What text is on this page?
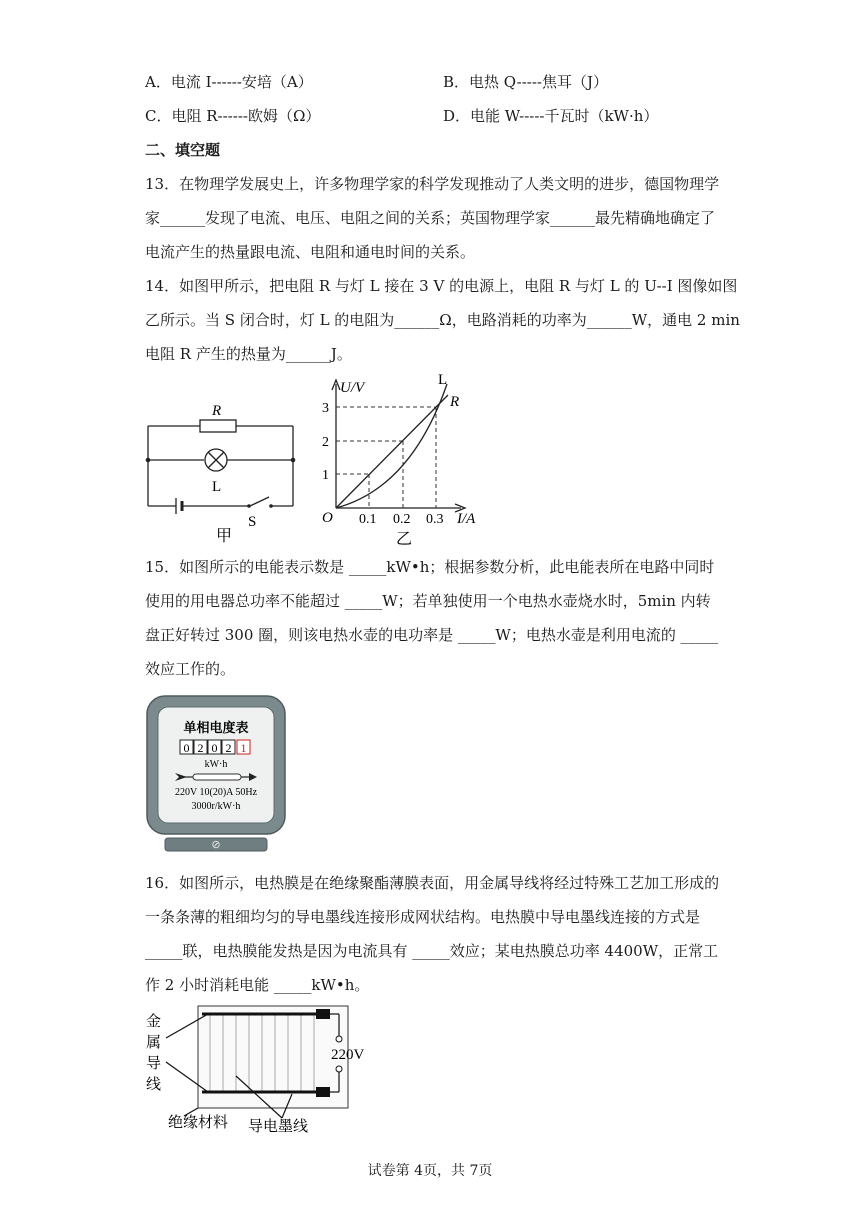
A．电流 I------安培（A）	B．电热 Q-----焦耳（J）
C．电阻 R------欧姆（Ω）	D．电能 W-----千瓦时（kW·h）
二、填空题
13．在物理学发展史上，许多物理学家的科学发现推动了人类文明的进步，德国物理学
家______发现了电流、电压、电阻之间的关系；英国物理学家______最先精确地确定了
电流产生的热量跟电流、电阻和通电时间的关系。
14．如图甲所示，把电阻 R 与灯 L 接在 3 V 的电源上，电阻 R 与灯 L 的 U--I 图像如图
乙所示。当 S 闭合时，灯 L 的电阻为______Ω，电路消耗的功率为______W，通电 2 min
电阻 R 产生的热量为______J。
R
L
S
甲
U/V
I/A
O
1
2
3
0.1 0.2 0.3
L
R
乙
15．如图所示的电能表示数是 _____kW•h；根据参数分析，此电能表所在电路中同时
使用的用电器总功率不能超过 _____W；若单独使用一个电热水壶烧水时，5min 内转
盘正好转过 300 圈，则该电热水壶的电功率是 _____W；电热水壶是利用电流的 _____
效应工作的。
⊘
单相电度表
0 2 0 2 1
kW·h
220V 10(20)A 50Hz
3000r/kW·h
16．如图所示，电热膜是在绝缘聚酯薄膜表面，用金属导线将经过特殊工艺加工形成的
一条条薄的粗细均匀的导电墨线连接形成网状结构。电热膜中导电墨线连接的方式是
_____联，电热膜能发热是因为电流具有 _____效应；某电热膜总功率 4400W，正常工
作 2 小时消耗电能 _____kW•h。
220V
金
属
导
线
绝缘材料 导电墨线
试卷第 4页，共 7页
